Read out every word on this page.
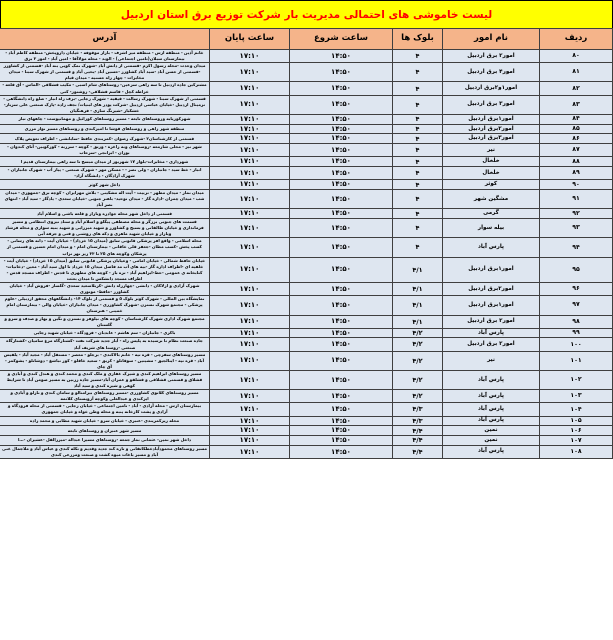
لیست خاموشی های احتمالی مدیریت بار شرکت توزیع برق استان اردبیل
ردیف	نام امور	بلوک ها	ساعت شروع	ساعت پایان	آدرس
۸۰	امور۲ برق اردبیل	۴	۱۴:۵۰	۱۷:۱۰	خانم آذین - منطقه ارس - منطقه میر اشرف - بازار موقوفه - خیابان داروپخش- منطقه کاظم آباد - بیمارستان سبلان(تامین اجتماعی) - الوند - محله مولاآقا - امین آباد - امور ۲ برق
۸۱	امور۴ برق اردبیل	۴	۱۴:۵۰	۱۷:۱۰	میدان وحدت -محله رسول اکرم -قسمتی از دانش آباد -شهرک نمک کویی بنه آباد -قسمتی از کشاورز -قسمتی از حسن آباد -سید آباد کشاورز -حسین آباد -یحیی آباد و قسمتی از شهرک سبنا - میدان مخابرات - چهار راه حسنیه - میدان قیام
۸۲	امور۱و۲برق اردبیل	۴	۱۴:۵۰	۱۷:۱۰	مشترکین جاده اردبیل تا سه راهی سرعین- روستاهای شام اسبی - مکیب قشلاقی -الماس - آق قلعه - خراطه کچل - قاسم قشلاقی- روشتور- کتی
۸۳	امور۳ برق اردبیل	۴	۱۴:۵۰	۱۷:۱۰	قسمتی از شهرک سبنا - شهرک رسالت - قیقیه - شهرک رجایی -برف راه انبار - ضلع راه دانشگاهی - ترمینال اردبیل -خیابان عباسی اردبیل -شرکت پودر های لبنیات/ نجف زاده -پارک صنعتی علی سرباز- خشکبار -شیرنگ سازی - فرهنگیان
۸۴	امور۱برق اردبیل	۴	۱۴:۵۰	۱۷:۱۰	شهرکوربابه وروستاهای تابعه - مسیر روستاهای کورائیل و مهمانپوست - چاههای تبار
۸۵	امور۲برق اردبیل	۴	۱۴:۵۰	۱۷:۱۰	منطقه شهر راهی و روستاهای قوشا تا امیرکندی و روستاهای مسیر نوار مرزی
۸۶	امور۳برق اردبیل	۴	۱۴:۵۰	۱۷:۱۰	قسمتی از کارشناسان۲ -شهرک رضوان -کمربندی حافظ -ساباتشی - اطراف تعویض پلاک
۸۷	نیر	۴	۱۴:۵۰	۱۷:۱۰	شهر نیر - محلی شازمعه -روستاهای ونه زاغره - ورتق - کوچه - سزرنه - کورکوبین- آتای کندوان - بوزان - ابرانجی -سرحاب
۸۸	خلخال	۴	۱۴:۵۰	۱۷:۱۰	شهرداری - مخابرات-بلوار ۱۷ شهریور از میدان مبسج تا سه راهی بیمارستان قدیم ا
۸۹	خلخال	۴	۱۴:۵۰	۱۷:۱۰	انبار - خط سید - جانبازان - ولی نصر - - مسکن مهر - شهرک صنعتی - پیاز آب - شهرک جانبازان - شهرک آزادگان - دانشگاه آزاد-
۹۰	کوثر	۴	۱۴:۵۰	۱۷:۱۰	داخل شهر کوثر
۹۱	مشگین شهر	۴	۱۴:۵۰	۱۷:۱۰	میدان نماز - میدان مطهر - تربیت - آیت اله مشکینی - بلاش مهرایران - کوچه برق -جمهوری - میدان شب - میدان چمران -اداره گاز - میدان توحید- باهنر جنوبی -خیابان سعدی - یادگار - سید آباد - انتهای نصر آباد
۹۲	گرمی	۴	۱۴:۵۰	۱۷:۱۰	قسمتی از داخل شهر محله جوادره وبازار و قلعه باشی و اسلام آباد
۹۳	بیله سوار	۴	۱۴:۵۰	۱۷:۱۰	قسمت های جنوبی بزرگر و محله مصطفی پیگلو و اسلام آباد و ستاد نیروی انتظامی و مسیر فرمانداری و خیابان طالقانی و بسیج و کشاورز و شهید میرزایی و شهید بنیه سوازی و محله فرشاد وبازار و خیابان شهید ماهری و دکه های روشنی و فتی و جرفه آبی
۹۴	پارس آباد	۴	۱۴:۵۰	۱۷:۱۰	محله اسلامی - واقع افر پزشکی قانونی سابق (میدان ۱۵ خرداد) - خیابان آیت - دانه های رسانی - کسب پخش -کسب مطان -جعفر قلی خاقانی - بیمارستان امام - و میدان امام حسین و قسمتی از پزشکان وکوچه های ۲۵ تا ۳۳ زیر نهر تراب
۹۵	امور۱برق اردبیل	۴/۱	۱۴:۵۰	۱۷:۱۰	خیابان حافظ شمالی - خیابان امامی - وخیابان پزشکی قانونی سابق (میدان ۱۵ خرداد) - خیابان آیت - خلفیه ای -اطراف اداره گاز -بیه های آب مد فاضل میدان ۱۵ خرداد تا اول سید آباد - معین -دخانیات- کتابخانه ی عمومی -حط-ابراهیم آباد - تره بار - کوچه های مطهری تا قدس - اطراف مسجد قدس - اطراف مسجد دانشکس تا میدان بعثت
۹۶	امور۲برق اردبیل	۴/۱	۱۴:۵۰	۱۷:۱۰	شهرک آزادی و ازلاکان - دانشی -چهارراه دانش -کربلاسعید سعدی -گلسار -فروش آباد - خیابان کشاورز -حافظ- موتوری
۹۷	امور۱برق اردبیل	۴/۱	۱۴:۵۰	۱۷:۱۰	نمایشگاه بین المللی - شهرک کوثر بلوک ۵ و قسمتی از بلوک ۱۴- دانشگاههای محقق اردبیلی -علوم پزشکی - مجتمع شهرک نسترن -شهرک کشاورزی - میدان جانبازان -خیابان والی - بیمارستان امام خمینی - هنرستان
۹۸	امور۲ برق اردبیل	۴/۱	۱۴:۵۰	۱۷:۱۰	مجتمع شهرک اداری شهرک کارشناسان - کوچه های نیلوفر و نسترن و نگین و بهار و صدف و سرو و گلستان
۹۹	پارس آباد	۴/۲	۱۴:۵۰	۱۷:۱۰	باکری - جانبازان - سم هاشم - عابدبان - فرودگاه - خیابان شهید رجایی
۱۰۰	امور۲ برق اردبیل	۴/۲	۱۴:۵۰	۱۷:۱۰	جاده صنعت نظام تا نرسیده به پلیس راه - آبار جدید شرکت نفت -کشتارگاه مرغ سامیان -کشتارگاه صنعتی -روستا های شریف آباد
۱۰۱	نیر	۴/۲	۱۴:۵۰	۱۷:۱۰	مسیر روستاهای سفرچی - قره تپه - خانم بالاکندی - برجلو - معصر - مستقل آباد - مجید آباد - یلقیس آباد - قره تپه - اینالجیق - مشیتین - سوقاتلو - کربق - سعید خاقلو - کور تباشغ - دوشاتلو - یشوکمر - آق چای
۱۰۲	پارس آباد	۴/۲	۱۴:۵۰	۱۷:۱۰	مسیر روستاهای ابراهیم کندی و شیرک غفاری و ملک کندی و محمد کندی و هندل کندی و آبادی و قشلاق و قسمتی قشلاقی و قشلقو و عمران آباد-مسیر جاده زرنین به مسیر صومن آباد تا شرایط کوهی و شیره کندی و سید آباد
۱۰۳	پارس آباد	۴/۲	۱۴:۵۰	۱۷:۱۰	مسیر روستاهای کلاتوی کشاورزی -مسیر روستاهای بیرامتالو و سامان کندی و نازلو و آبادی و ایرکندی و عبدالعلی وکوچه آرویستای کلاتمه
۱۰۴	پارس آباد	۴/۳	۱۴:۵۰	۱۷:۱۰	بیمارستان ارس - محله آزادی - آباد - تامین اجتماعی - خیابان رجایی - قسمتی از محله فرودگاه و آزادی و پشت کارخانه پنبه و محله وطن خواه و خیابان جمهوری
۱۰۵	پارس آباد	۴/۳	۱۴:۵۰	۱۷:۱۰	محله زیرکمربندی -عنبری - خیابان سرو - خیابان شهید مطابی و محمد زاده
۱۰۶	نمین	۴/۴	۱۴:۵۰	۱۷:۱۰	مسیر شهر عنبران و روستاهای تابعه
۱۰۷	نمین	۴/۴	۱۴:۵۰	۱۷:۱۰	داخل شهر نمین- عثمانی نماز جمعه -روستاهای مسیرا عبداله -میرزالقل -عشیران -…ا
۱۰۸	پارس آباد	۴/۴	۱۴:۵۰	۱۷:۱۰	مسیر روستاهای محمودآبادخطکاتقانی و تازه کند جدید وقدیم و تکله کندی و عباس آباد و ملاجمال غنی آباد و مسیر باغات میوه کشت و صنعت ومزرعی کندی
